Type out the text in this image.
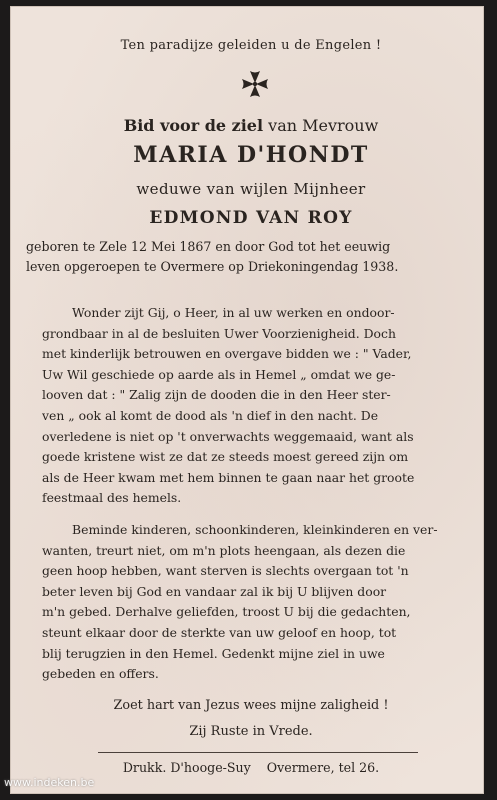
Ten paradijze geleiden u de Engelen !
Bid voor de ziel van Mevrouw
MARIA D'HONDT
weduwe van wijlen Mijnheer
EDMOND VAN ROY
geboren te Zele 12 Mei 1867 en door God tot het eeuwig
leven opgeroepen te Overmere op Driekoningendag 1938.
Wonder zijt Gij, o Heer, in al uw werken en ondoor-
grondbaar in al de besluiten Uwer Voorzienigheid. Doch
met kinderlijk betrouwen en overgave bidden we : " Vader,
Uw Wil geschiede op aarde als in Hemel „ omdat we ge-
looven dat : " Zalig zijn de dooden die in den Heer ster-
ven „ ook al komt de dood als 'n dief in den nacht. De
overledene is niet op 't onverwachts weggemaaid, want als
goede kristene wist ze dat ze steeds moest gereed zijn om
als de Heer kwam met hem binnen te gaan naar het groote
feestmaal des hemels.
Beminde kinderen, schoonkinderen, kleinkinderen en ver-
wanten, treurt niet, om m'n plots heengaan, als dezen die
geen hoop hebben, want sterven is slechts overgaan tot 'n
beter leven bij God en vandaar zal ik bij U blijven door
m'n gebed. Derhalve geliefden, troost U bij die gedachten,
steunt elkaar door de sterkte van uw geloof en hoop, tot
blij terugzien in den Hemel. Gedenkt mijne ziel in uwe
gebeden en offers.
Zoet hart van Jezus wees mijne zaligheid !
Zij Ruste in Vrede.
Drukk. D'hooge-Suy    Overmere, tel 26.
www.indeken.be
